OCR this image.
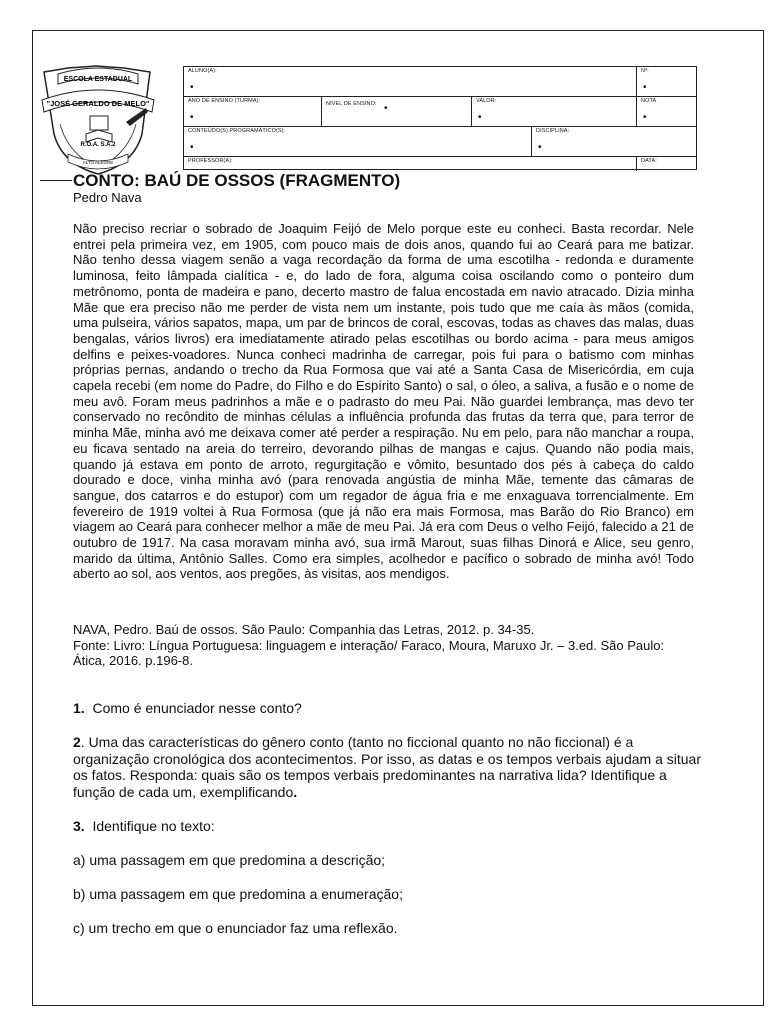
ESCOLA ESTADUAL
"JOSÉ GERALDO DE MELO"
R.O.A. S.A.2
ALTO ALEGRE
ALUNO(A):
•
Nº:
•
ANO DE ENSINO (TURMA):
•
NÍVEL DE ENSINO: •
VALOR:
•
NOTA
•
CONTEÚDO(S) PROGRAMÁTICO(S):
•
DISCIPLINA:
•
PROFESSOR(A):	DATA:
CONTO: BAÚ DE OSSOS (FRAGMENTO)

Pedro Nava

Não preciso recriar o sobrado de Joaquim Feijó de Melo porque este eu conheci. Basta recordar. Nele entrei pela primeira vez, em 1905, com pouco mais de dois anos, quando fui ao Ceará para me batizar. Não tenho dessa viagem senão a vaga recordação da forma de uma escotilha - redonda e duramente luminosa, feito lâmpada cialítica - e, do lado de fora, alguma coisa oscilando como o ponteiro dum metrônomo, ponta de madeira e pano, decerto mastro de falua encostada em navio atracado. Dizia minha Mãe que era preciso não me perder de vista nem um instante, pois tudo que me caía às mãos (comida, uma pulseira, vários sapatos, mapa, um par de brincos de coral, escovas, todas as chaves das malas, duas bengalas, vários livros) era imediatamente atirado pelas escotilhas ou bordo acima - para meus amigos delfins e peixes-voadores. Nunca conheci madrinha de carregar, pois fui para o batismo com minhas próprias pernas, andando o trecho da Rua Formosa que vai até a Santa Casa de Misericórdia, em cuja capela recebi (em nome do Padre, do Filho e do Espírito Santo) o sal, o óleo, a saliva, a fusão e o nome de meu avô. Foram meus padrinhos a mãe e o padrasto do meu Pai. Não guardei lembrança, mas devo ter conservado no recôndito de minhas células a influência profunda das frutas da terra que, para terror de minha Mãe, minha avó me deixava comer até perder a respiração. Nu em pelo, para não manchar a roupa, eu ficava sentado na areia do terreiro, devorando pilhas de mangas e cajus. Quando não podia mais, quando já estava em ponto de arroto, regurgitação e vômito, besuntado dos pés à cabeça do caldo dourado e doce, vinha minha avó (para renovada angústia de minha Mãe, temente das câmaras de sangue, dos catarros e do estupor) com um regador de água fria e me enxaguava torrencialmente. Em fevereiro de 1919 voltei à Rua Formosa (que já não era mais Formosa, mas Barão do Rio Branco) em viagem ao Ceará para conhecer melhor a mãe de meu Pai. Já era com Deus o velho Feijó, falecido a 21 de outubro de 1917. Na casa moravam minha avó, sua irmã Marout, suas filhas Dinorá e Alice, seu genro, marido da última, Antônio Salles. Como era simples, acolhedor e pacífico o sobrado de minha avó! Todo aberto ao sol, aos ventos, aos pregões, às visitas, aos mendigos.

NAVA, Pedro. Baú de ossos. São Paulo: Companhia das Letras, 2012. p. 34-35.

Fonte: Livro: Língua Portuguesa: linguagem e interação/ Faraco, Moura, Maruxo Jr. – 3.ed. São Paulo: Ática, 2016. p.196-8.

1. Como é enunciador nesse conto?

2. Uma das características do gênero conto (tanto no ficcional quanto no não ficcional) é a organização cronológica dos acontecimentos. Por isso, as datas e os tempos verbais ajudam a situar os fatos. Responda: quais são os tempos verbais predominantes na narrativa lida? Identifique a função de cada um, exemplificando.

3. Identifique no texto:

a) uma passagem em que predomina a descrição;

b) uma passagem em que predomina a enumeração;

c) um trecho em que o enunciador faz uma reflexão.
